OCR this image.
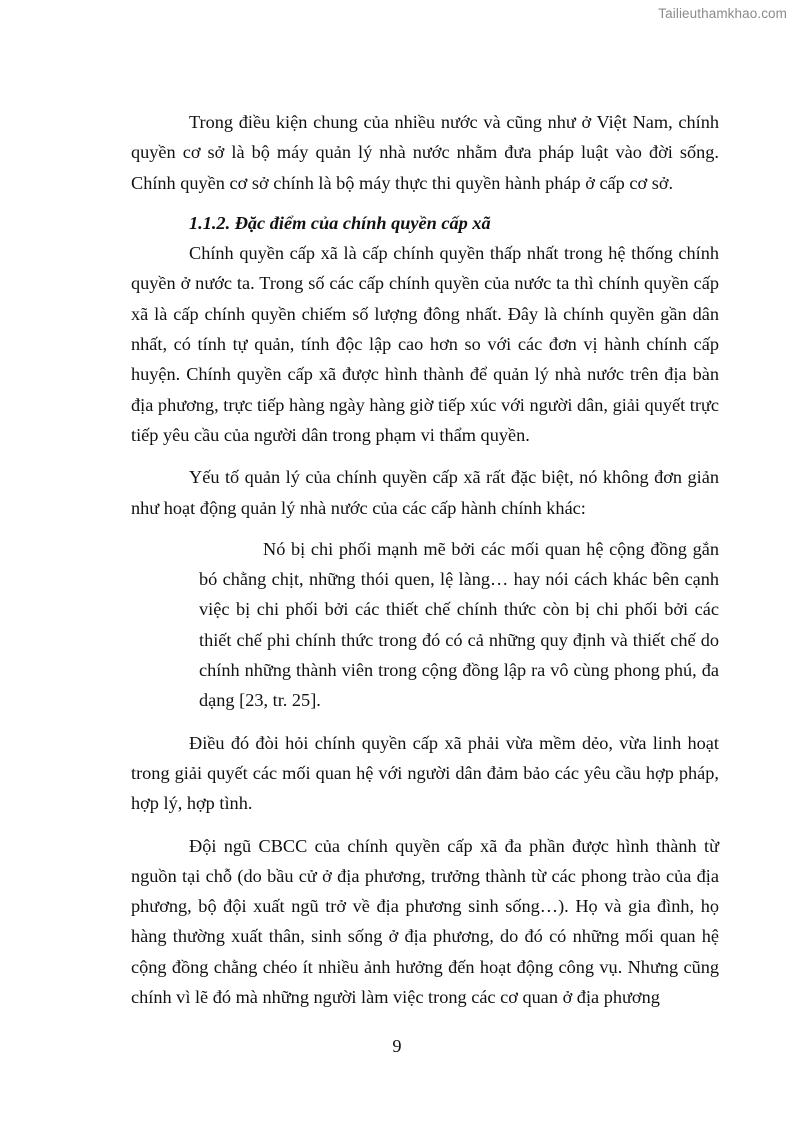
Tailieuthamkhao.com

Trong điều kiện chung của nhiều nước và cũng như ở Việt Nam, chính quyền cơ sở là bộ máy quản lý nhà nước nhằm đưa pháp luật vào đời sống. Chính quyền cơ sở chính là bộ máy thực thi quyền hành pháp ở cấp cơ sở.

1.1.2. Đặc điểm của chính quyền cấp xã

Chính quyền cấp xã là cấp chính quyền thấp nhất trong hệ thống chính quyền ở nước ta. Trong số các cấp chính quyền của nước ta thì chính quyền cấp xã là cấp chính quyền chiếm số lượng đông nhất. Đây là chính quyền gần dân nhất, có tính tự quản, tính độc lập cao hơn so với các đơn vị hành chính cấp huyện. Chính quyền cấp xã được hình thành để quản lý nhà nước trên địa bàn địa phương, trực tiếp hàng ngày hàng giờ tiếp xúc với người dân, giải quyết trực tiếp yêu cầu của người dân trong phạm vi thẩm quyền.

Yếu tố quản lý của chính quyền cấp xã rất đặc biệt, nó không đơn giản như hoạt động quản lý nhà nước của các cấp hành chính khác:

Nó bị chi phối mạnh mẽ bởi các mối quan hệ cộng đồng gắn bó chằng chịt, những thói quen, lệ làng… hay nói cách khác bên cạnh việc bị chi phối bởi các thiết chế chính thức còn bị chi phối bởi các thiết chế phi chính thức trong đó có cả những quy định và thiết chế do chính những thành viên trong cộng đồng lập ra vô cùng phong phú, đa dạng [23, tr. 25].

Điều đó đòi hỏi chính quyền cấp xã phải vừa mềm dẻo, vừa linh hoạt trong giải quyết các mối quan hệ với người dân đảm bảo các yêu cầu hợp pháp, hợp lý, hợp tình.

Đội ngũ CBCC của chính quyền cấp xã đa phần được hình thành từ nguồn tại chỗ (do bầu cử ở địa phương, trưởng thành từ các phong trào của địa phương, bộ đội xuất ngũ trở về địa phương sinh sống…). Họ và gia đình, họ hàng thường xuất thân, sinh sống ở địa phương, do đó có những mối quan hệ cộng đồng chằng chéo ít nhiều ảnh hưởng đến hoạt động công vụ. Nhưng cũng chính vì lẽ đó mà những người làm việc trong các cơ quan ở địa phương

9
